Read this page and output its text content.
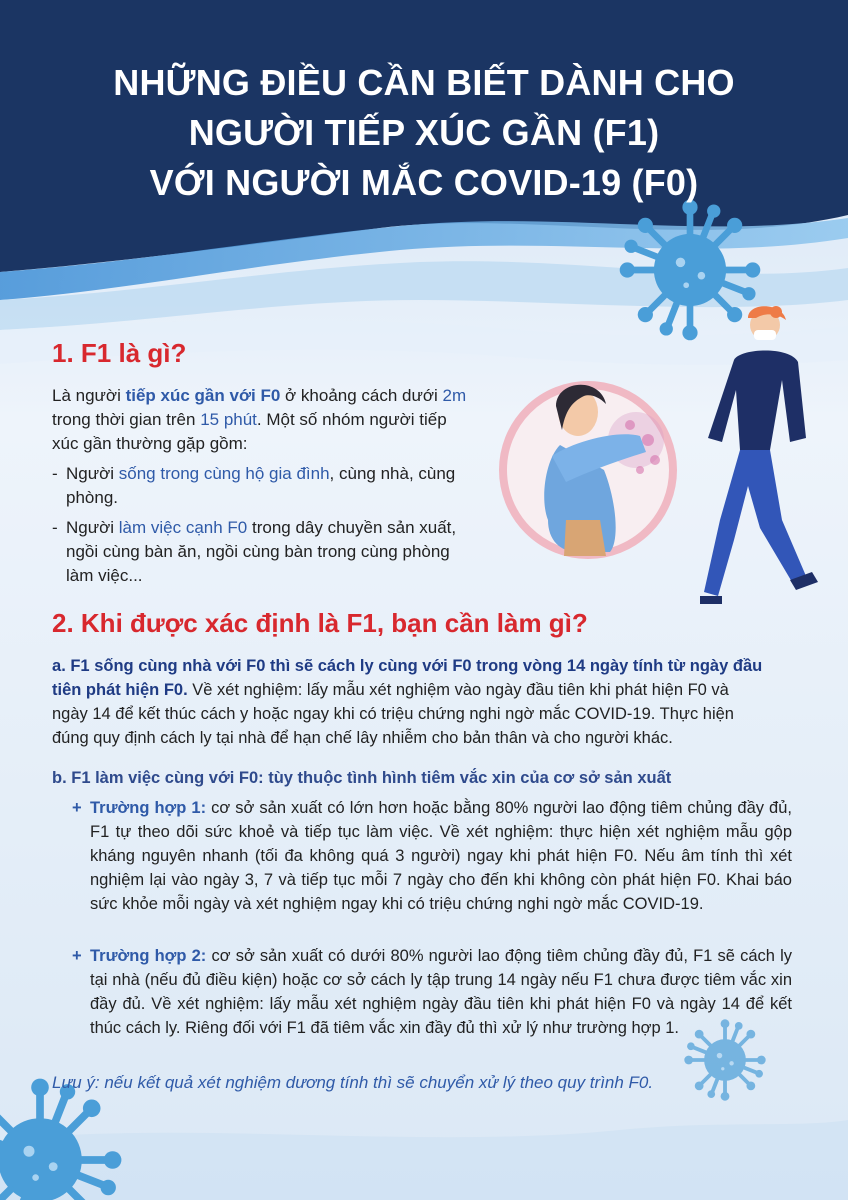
NHỮNG ĐIỀU CẦN BIẾT DÀNH CHO
NGƯỜI TIẾP XÚC GẦN (F1)
VỚI NGƯỜI MẮC COVID-19 (F0)
1. F1 là gì?
Là người tiếp xúc gần với F0 ở khoảng cách dưới 2m
trong thời gian trên 15 phút. Một số nhóm người tiếp
xúc gần thường gặp gồm:
- Người sống trong cùng hộ gia đình, cùng nhà, cùng
phòng.
- Người làm việc cạnh F0 trong dây chuyền sản xuất,
ngồi cùng bàn ăn, ngồi cùng bàn trong cùng phòng
làm việc...
2. Khi được xác định là F1, bạn cần làm gì?
a. F1 sống cùng nhà với F0 thì sẽ cách ly cùng với F0 trong vòng 14 ngày tính từ ngày đầu
tiên phát hiện F0. Về xét nghiệm: lấy mẫu xét nghiệm vào ngày đầu tiên khi phát hiện F0 và
ngày 14 để kết thúc cách y hoặc ngay khi có triệu chứng nghi ngờ mắc COVID-19. Thực hiện
đúng quy định cách ly tại nhà để hạn chế lây nhiễm cho bản thân và cho người khác.
b. F1 làm việc cùng với F0: tùy thuộc tình hình tiêm vắc xin của cơ sở sản xuất
+ Trường hợp 1: cơ sở sản xuất có lớn hơn hoặc bằng 80% người lao động tiêm chủng đầy đủ, F1 tự theo dõi sức khoẻ và tiếp tục làm việc. Về xét nghiệm: thực hiện xét nghiệm mẫu gộp kháng nguyên nhanh (tối đa không quá 3 người) ngay khi phát hiện F0. Nếu âm tính thì xét nghiệm lại vào ngày 3, 7 và tiếp tục mỗi 7 ngày cho đến khi không còn phát hiện F0. Khai báo sức khỏe mỗi ngày và xét nghiệm ngay khi có triệu chứng nghi ngờ mắc COVID-19.
+ Trường hợp 2: cơ sở sản xuất có dưới 80% người lao động tiêm chủng đầy đủ, F1 sẽ cách ly tại nhà (nếu đủ điều kiện) hoặc cơ sở cách ly tập trung 14 ngày nếu F1 chưa được tiêm vắc xin đầy đủ. Về xét nghiệm: lấy mẫu xét nghiệm ngày đầu tiên khi phát hiện F0 và ngày 14 để kết thúc cách ly. Riêng đối với F1 đã tiêm vắc xin đầy đủ thì xử lý như trường hợp 1.
Lưu ý: nếu kết quả xét nghiệm dương tính thì sẽ chuyển xử lý theo quy trình F0.
